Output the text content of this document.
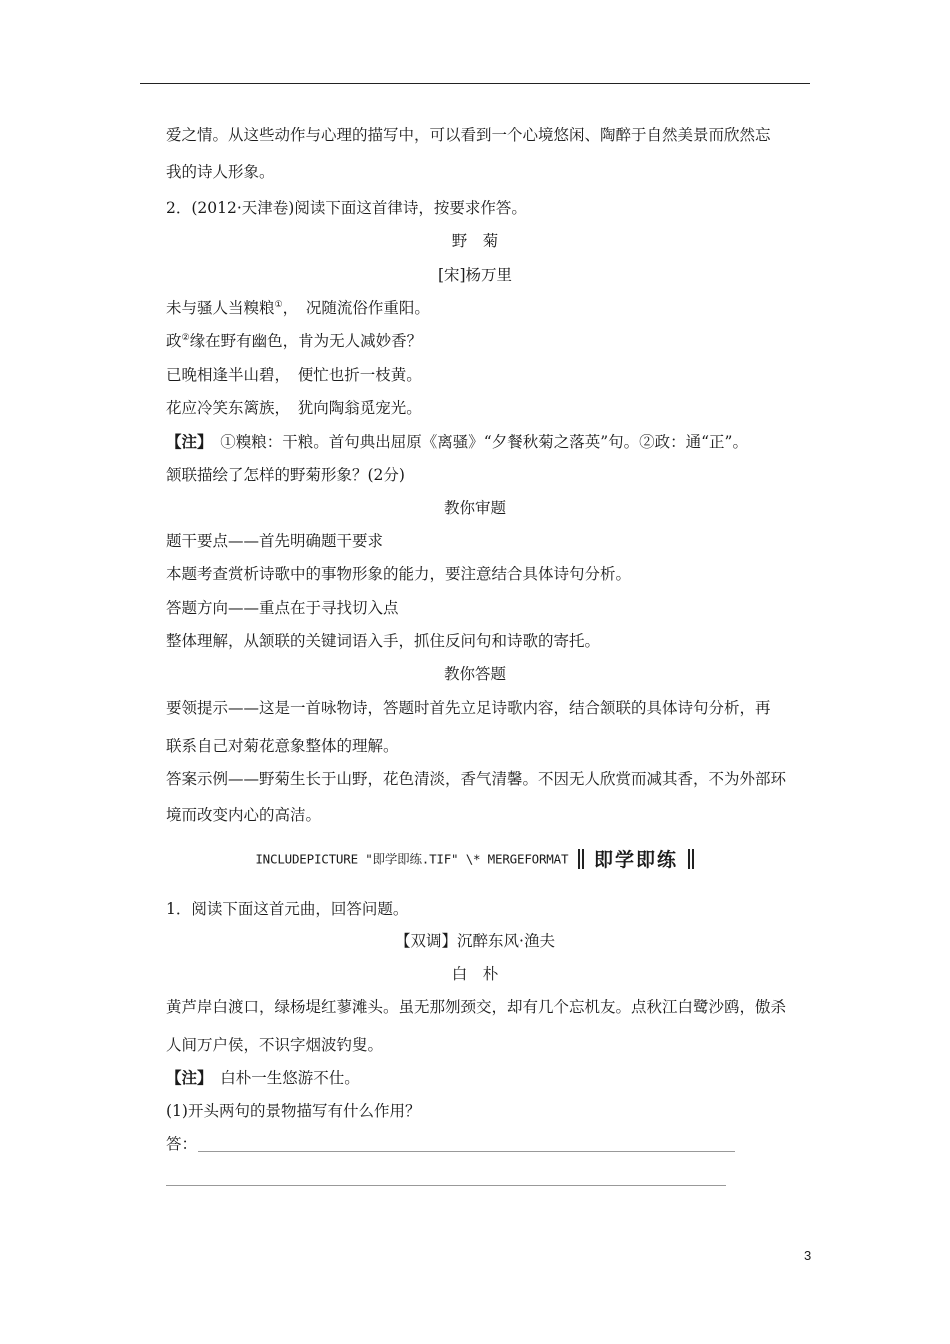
爱之情。从这些动作与心理的描写中，可以看到一个心境悠闲、陶醉于自然美景而欣然忘
我的诗人形象。
2．(2012·天津卷)阅读下面这首律诗，按要求作答。
野　菊
[宋]杨万里
未与骚人当糗粮①，　况随流俗作重阳。
政②缘在野有幽色，肯为无人减妙香？
已晚相逢半山碧，　便忙也折一枝黄。
花应冷笑东篱族，　犹向陶翁觅宠光。
【注】　①糗粮：干粮。首句典出屈原《离骚》“夕餐秋菊之落英”句。②政：通“正”。
颔联描绘了怎样的野菊形象？(2分)
教你审题
题干要点——首先明确题干要求
本题考查赏析诗歌中的事物形象的能力，要注意结合具体诗句分析。
答题方向——重点在于寻找切入点
整体理解，从颔联的关键词语入手，抓住反问句和诗歌的寄托。
教你答题
要领提示——这是一首咏物诗，答题时首先立足诗歌内容，结合颔联的具体诗句分析，再
联系自己对菊花意象整体的理解。
答案示例——野菊生长于山野，花色清淡，香气清馨。不因无人欣赏而减其香，不为外部环
境而改变内心的高洁。
INCLUDEPICTURE "即学即练.TIF" \* MERGEFORMAT 即学即练
1．阅读下面这首元曲，回答问题。
【双调】沉醉东风·渔夫
白　朴
黄芦岸白渡口，绿杨堤红蓼滩头。虽无那刎颈交，却有几个忘机友。点秋江白鹭沙鸥，傲杀
人间万户侯，不识字烟波钓叟。
【注】　白朴一生悠游不仕。
(1)开头两句的景物描写有什么作用？
答：
3
